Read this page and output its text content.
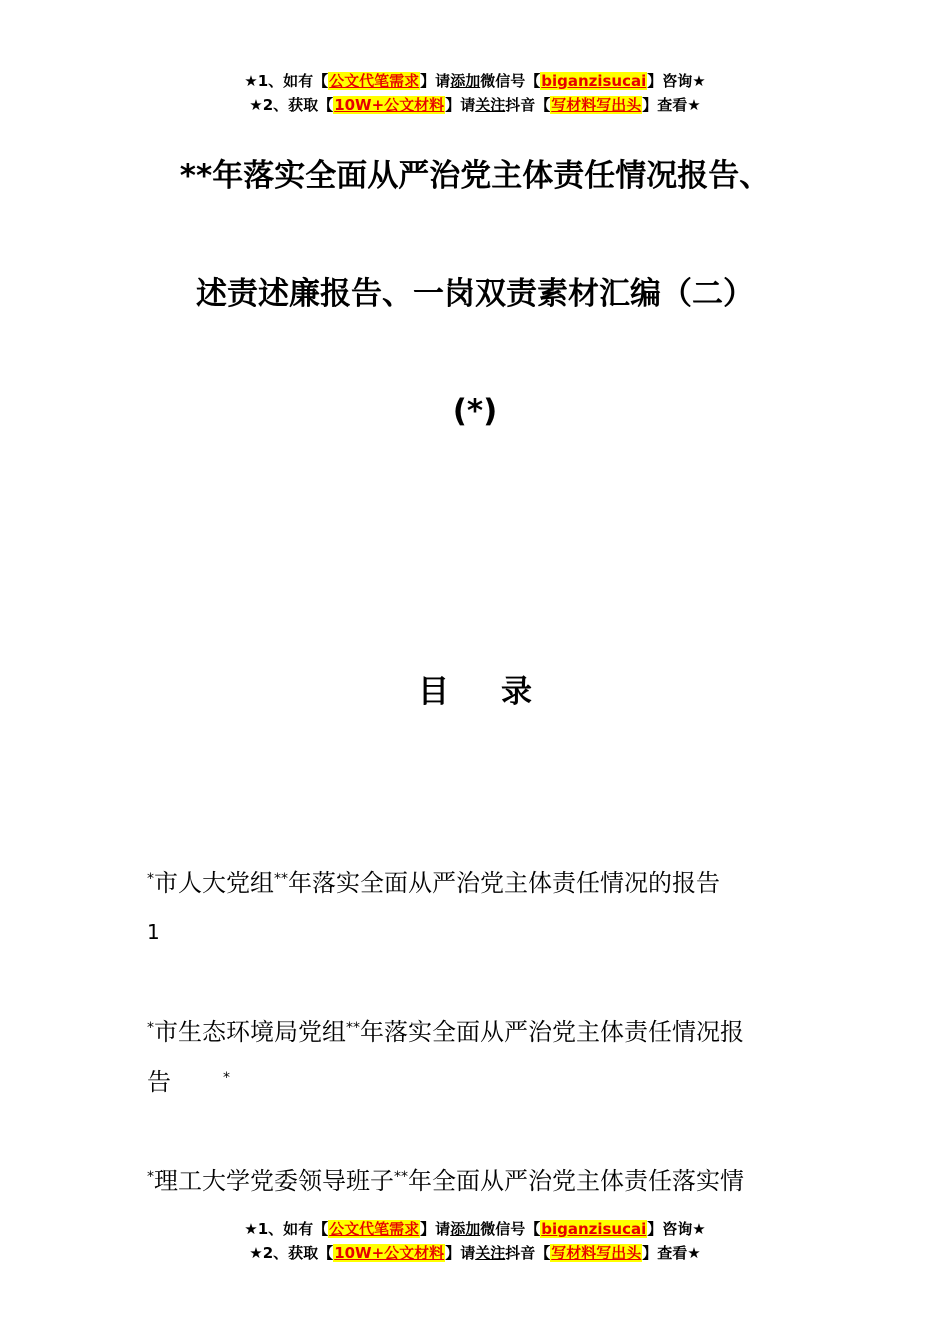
★1、如有【公文代笔需求】请添加微信号【biganzisucai】咨询★
★2、获取【10W+公文材料】请关注抖音【写材料写出头】查看★
**年落实全面从严治党主体责任情况报告、
述责述廉报告、一岗双责素材汇编（二）
(*)
目 录
*市人大党组**年落实全面从严治党主体责任情况的报告
1
*市生态环境局党组**年落实全面从严治党主体责任情况报
告	*
*理工大学党委领导班子**年全面从严治党主体责任落实情
★1、如有【公文代笔需求】请添加微信号【biganzisucai】咨询★
★2、获取【10W+公文材料】请关注抖音【写材料写出头】查看★
